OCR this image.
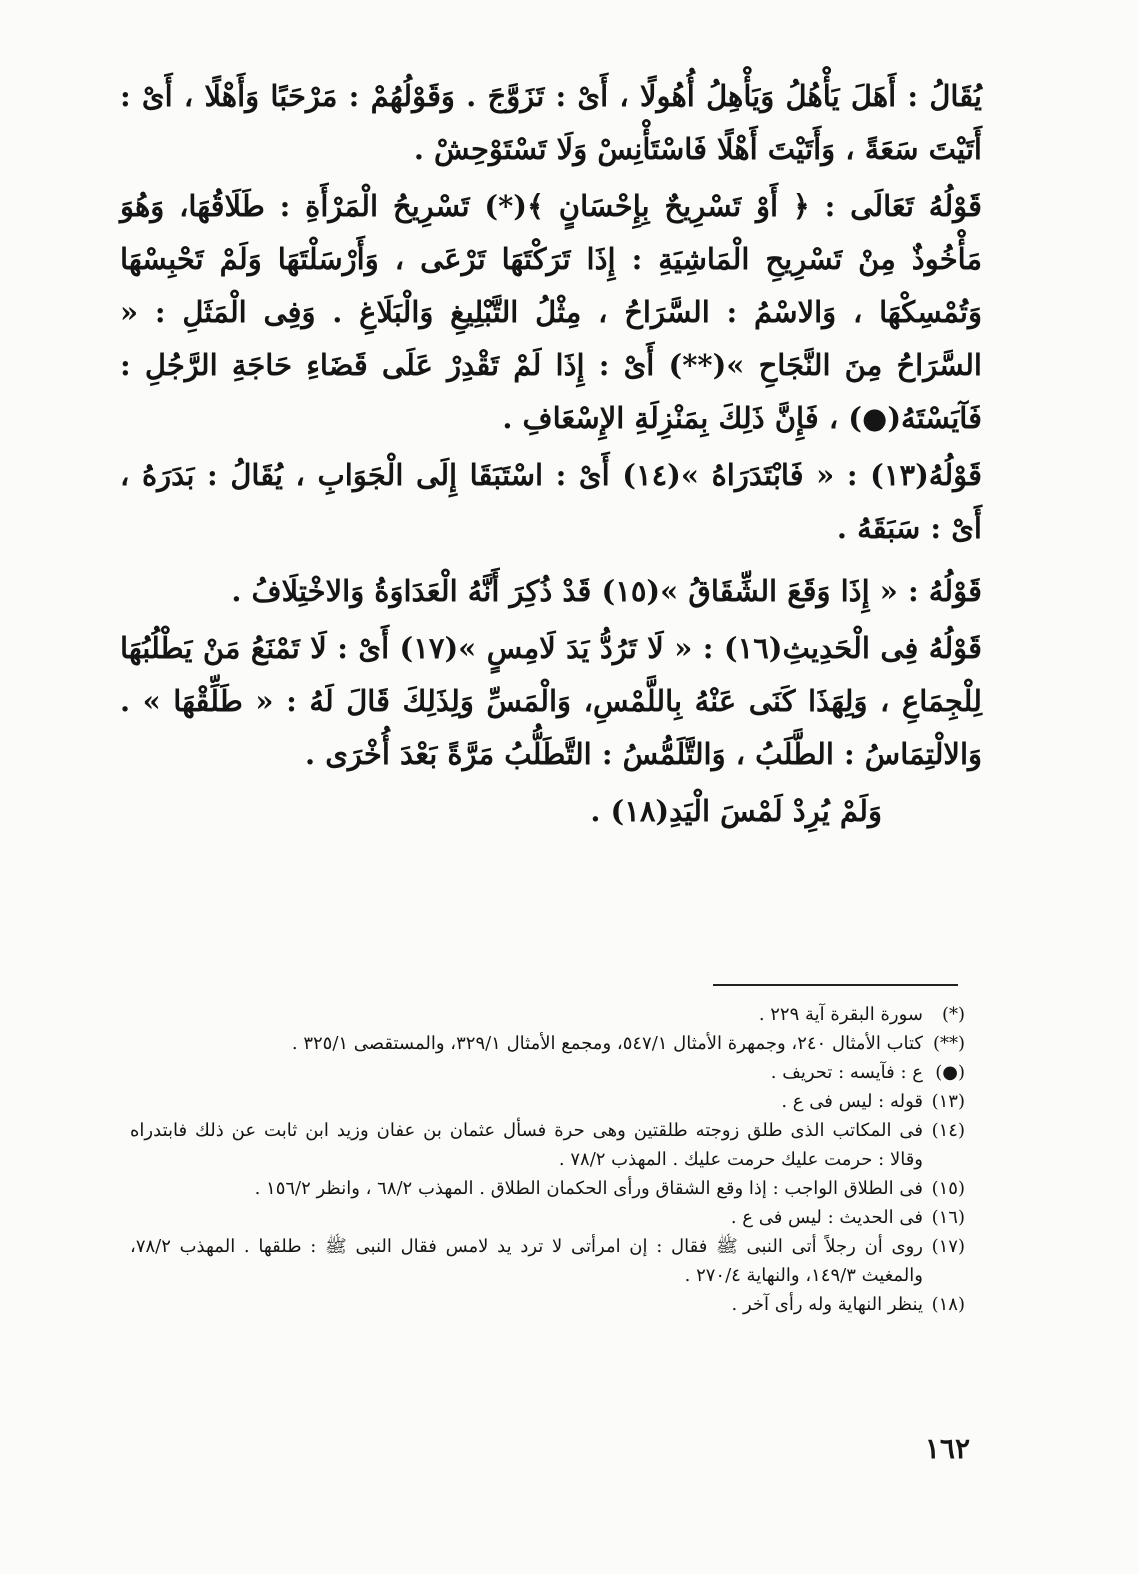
يُقَالُ : أَهَلَ يَأْهُلُ وَيَأْهِلُ أُهُولًا ، أَىْ : تَزَوَّجَ . وَقَوْلُهُمْ : مَرْحَبًا وَأَهْلًا ، أَىْ : أَتَيْتَ سَعَةً ، وَأَتَيْتَ أَهْلًا فَاسْتَأْنِسْ وَلَا تَسْتَوْحِشْ .

قَوْلُهُ تَعَالَى : ﴿ أَوْ تَسْرِيحٌ بِإِحْسَانٍ ﴾(*) تَسْرِيحُ الْمَرْأَةِ : طَلَاقُهَا، وَهُوَ مَأْخُوذٌ مِنْ تَسْرِيحِ الْمَاشِيَةِ : إِذَا تَرَكْتَهَا تَرْعَى ، وَأَرْسَلْتَهَا وَلَمْ تَحْبِسْهَا وَتُمْسِكْهَا ، وَالاسْمُ : السَّرَاحُ ، مِثْلُ التَّبْلِيغِ وَالْبَلَاغِ . وَفِى الْمَثَلِ : « السَّرَاحُ مِنَ النَّجَاحِ »(**) أَىْ : إِذَا لَمْ تَقْدِرْ عَلَى قَضَاءِ حَاجَةِ الرَّجُلِ : فَآيَسْتَهُ(●) ، فَإِنَّ ذَلِكَ بِمَنْزِلَةِ الإِسْعَافِ .

قَوْلُهُ(١٣) : « فَابْتَدَرَاهُ »(١٤) أَىْ : اسْتَبَقَا إِلَى الْجَوَابِ ، يُقَالُ : بَدَرَهُ ، أَىْ : سَبَقَهُ .

قَوْلُهُ : « إِذَا وَقَعَ الشِّقَاقُ »(١٥) قَدْ ذُكِرَ أَنَّهُ الْعَدَاوَةُ وَالاخْتِلَافُ .

قَوْلُهُ فِى الْحَدِيثِ(١٦) : « لَا تَرُدُّ يَدَ لَامِسٍ »(١٧) أَىْ : لَا تَمْنَعُ مَنْ يَطْلُبُهَا لِلْجِمَاعِ ، وَلِهَذَا كَنَى عَنْهُ بِاللَّمْسِ، وَالْمَسِّ وَلِذَلِكَ قَالَ لَهُ : « طَلِّقْهَا » . وَالالْتِمَاسُ : الطَّلَبُ ، وَالتَّلَمُّسُ : التَّطَلُّبُ مَرَّةً بَعْدَ أُخْرَى .

وَلَمْ يُرِدْ لَمْسَ الْيَدِ(١٨) .

(*)
سورة البقرة آية ٢٢٩ .
(**)
كتاب الأمثال ٢٤٠، وجمهرة الأمثال ٥٤٧/١، ومجمع الأمثال ٣٢٩/١، والمستقصى ٣٢٥/١ .
(●)
ع : فآيسه : تحريف .
(١٣)
قوله : ليس فى ع .
(١٤)
فى المكاتب الذى طلق زوجته طلقتين وهى حرة فسأل عثمان بن عفان وزيد ابن ثابت عن ذلك فابتدراه وقالا : حرمت عليك حرمت عليك . المهذب ٧٨/٢ .
(١٥)
فى الطلاق الواجب : إذا وقع الشقاق ورأى الحكمان الطلاق . المهذب ٦٨/٢ ، وانظر ١٥٦/٢ .
(١٦)
فى الحديث : ليس فى ع .
(١٧)
روى أن رجلاً أتى النبى ﷺ فقال : إن امرأتى لا ترد يد لامس فقال النبى ﷺ : طلقها . المهذب ٧٨/٢، والمغيث ١٤٩/٣، والنهاية ٢٧٠/٤ .
(١٨)
ينظر النهاية وله رأى آخر .
١٦٢
